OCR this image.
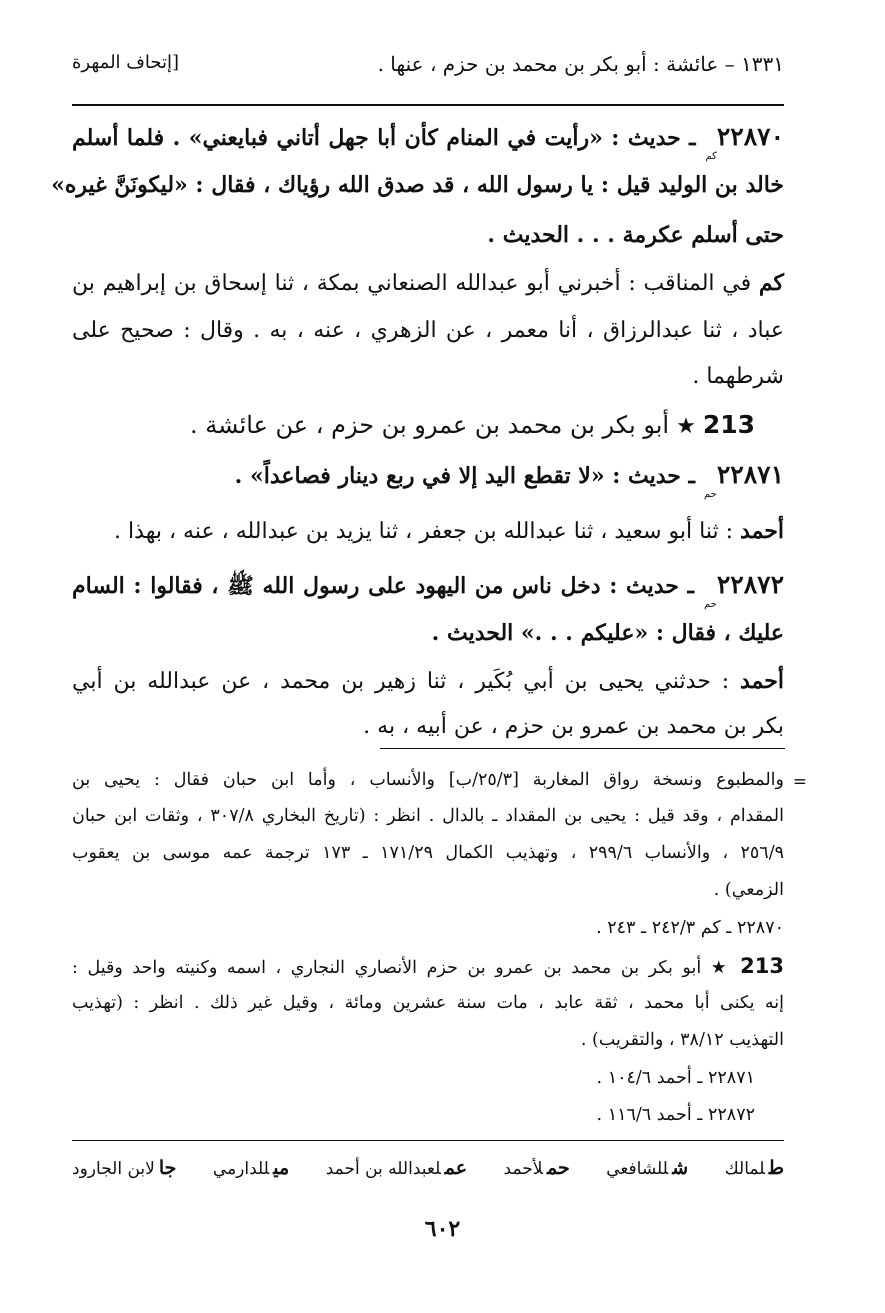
١٣٣١ – عائشة : أبو بكر بن محمد بن حزم ، عنها .
[إتحاف المهرة
$٢٢٨٧٠_{كم}$ ـ حديث : «رأيت في المنام كأن أبا جهل أتاني فبايعني» . فلما أسلم
خالد بن الوليد قيل : يا رسول الله ، قد صدق الله رؤياك ، فقال : «ليكونَنَّ غيره»
حتى أسلم عكرمة . . . الحديث .
كم في المناقب : أخبرني أبو عبدالله الصنعاني بمكة ، ثنا إسحاق بن إبراهيم بن
عباد ، ثنا عبدالرزاق ، أنا معمر ، عن الزهري ، عنه ، به . وقال : صحيح على
شرطهما .
213 ★ أبو بكر بن محمد بن عمرو بن حزم ، عن عائشة .
$٢٢٨٧١_{حم}$ ـ حديث : «لا تقطع اليد إلا في ربع دينار فصاعداً» .
أحمد : ثنا أبو سعيد ، ثنا عبدالله بن جعفر ، ثنا يزيد بن عبدالله ، عنه ، بهذا .
$٢٢٨٧٢_{حم}$ ـ حديث : دخل ناس من اليهود على رسول الله ﷺ ، فقالوا : السام
عليك ، فقال : «عليكم . . .» الحديث .
أحمد : حدثني يحيى بن أبي بُكَير ، ثنا زهير بن محمد ، عن عبدالله بن أبي
بكر بن محمد بن عمرو بن حزم ، عن أبيه ، به .
=
والمطبوع ونسخة رواق المغاربة [٢٥/٣/ب] والأنساب ، وأما ابن حبان فقال : يحيى بن
المقدام ، وقد قيل : يحيى بن المقداد ـ بالدال . انظر : (تاريخ البخاري ٣٠٧/٨ ، وثقات ابن حبان
٢٥٦/٩ ، والأنساب ٢٩٩/٦ ، وتهذيب الكمال ١٧١/٢٩ ـ ١٧٣ ترجمة عمه موسى بن يعقوب
الزمعي) .
٢٢٨٧٠ ـ كم ٢٤٢/٣ ـ ٢٤٣ .
213 ★ أبو بكر بن محمد بن عمرو بن حزم الأنصاري النجاري ، اسمه وكنيته واحد وقيل :
إنه يكنى أبا محمد ، ثقة عابد ، مات سنة عشرين ومائة ، وقيل غير ذلك . انظر : (تهذيب
التهذيب ٣٨/١٢ ، والتقريب) .
٢٢٨٧١ ـ أحمد ١٠٤/٦ .
٢٢٨٧٢ ـ أحمد ١١٦/٦ .
طلمالك
شللشافعي
حملأحمد
عملعبدالله بن أحمد
ميللدارمي
جالابن الجارود
٦٠٢
